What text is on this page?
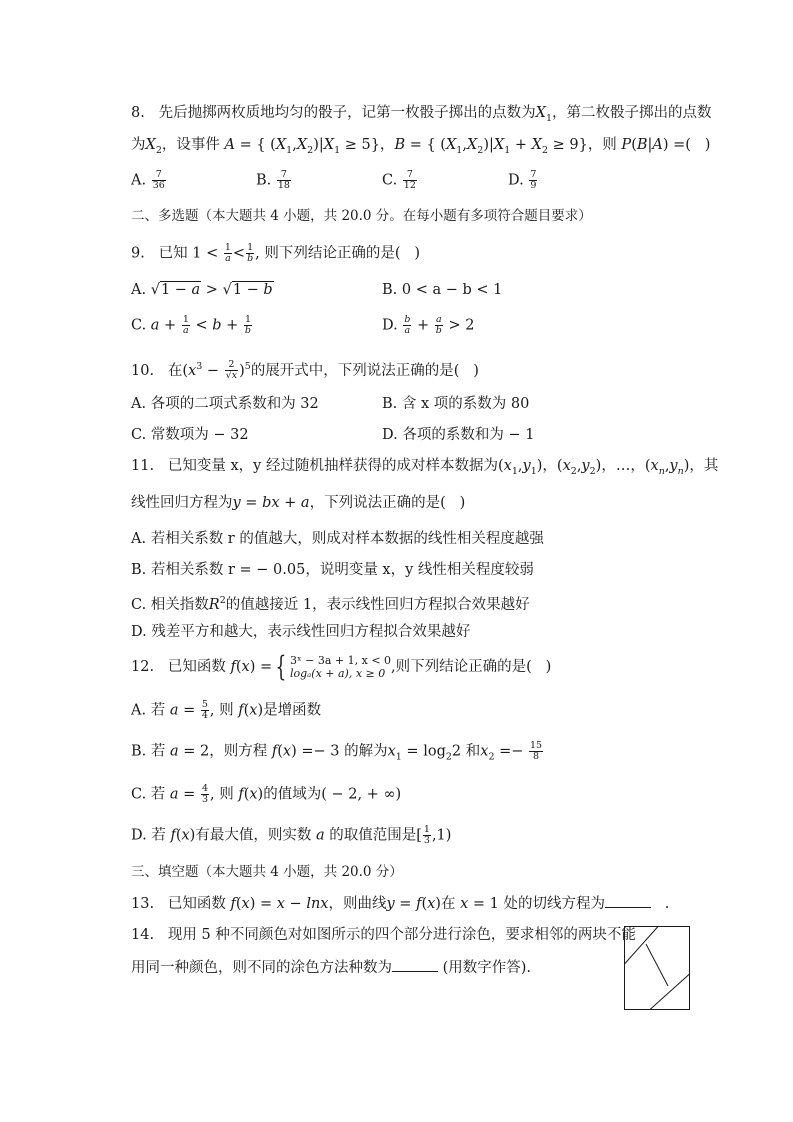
8. 先后抛掷两枚质地均匀的骰子，记第一枚骰子掷出的点数为$X_1$，第二枚骰子掷出的点数
为$X_2$，设事件 A = { $(X_1,X_2)|X_1 \ge 5$}，B = { $(X_1,X_2)|X_1 + X_2 \ge 9$}，则 P(B|A) =(   )
A. $\frac{7}{36}$	B. $\frac{7}{18}$	C. $\frac{7}{12}$	D. $\frac{7}{9}$
二、多选题（本大题共 4 小题，共 20.0 分。在每小题有多项符合题目要求）
9. 已知 $1 < \frac{1}{a} < \frac{1}{b}$ , 则下列结论正确的是( )
A. √1 − a > √1 − b	B. 0 < a − b < 1
C. $a + \frac{1}{a} < b + \frac{1}{b}$	D. $\frac{b}{a} + \frac{a}{b} > 2$
10. 在$(x^3 - \frac{2}{√x} )^5$的展开式中，下列说法正确的是( )
A. 各项的二项式系数和为 32	B. 含 x 项的系数为 80
C. 常数项为 − 32	D. 各项的系数和为 − 1
11. 已知变量 x，y 经过随机抽样获得的成对样本数据为$(x_1,y_1)$，$(x_2,y_2)$，…，$(x_n,y_n)$，其
线性回归方程为y = bx + a，下列说法正确的是( )
A. 若相关系数 r 的值越大，则成对样本数据的线性相关程度越强
B. 若相关系数 r = − 0.05，说明变量 x，y 线性相关程度较弱
C. 相关指数$R^2$的值越接近 1，表示线性回归方程拟合效果越好
D. 残差平方和越大，表示线性回归方程拟合效果越好
12. 已知函数 f(x) = { 3ˣ − 3a + 1, x < 0
logₐ(x + a), x ≥ 0 ,则下列结论正确的是( )
A. 若 $a = \frac{5}{4}$ , 则 f(x)是增函数
B. 若 a = 2，则方程 f(x) =− 3 的解为$x_1 = \log_22$ 和$x_2 =- \frac{15}{8}$
C. 若 $a = \frac{4}{3}$ , 则 f(x)的值域为( − 2, + ∞)
D. 若 f(x)有最大值，则实数 a 的取值范围是[ $\frac{1}{3} ,1$)
三、填空题（本大题共 4 小题，共 20.0 分）
13. 已知函数 f(x) = x − lnx，则曲线y = f(x)在 x = 1 处的切线方程为	.
14. 现用 5 种不同颜色对如图所示的四个部分进行涂色，要求相邻的两块不能
用同一种颜色，则不同的涂色方法种数为	(用数字作答).
